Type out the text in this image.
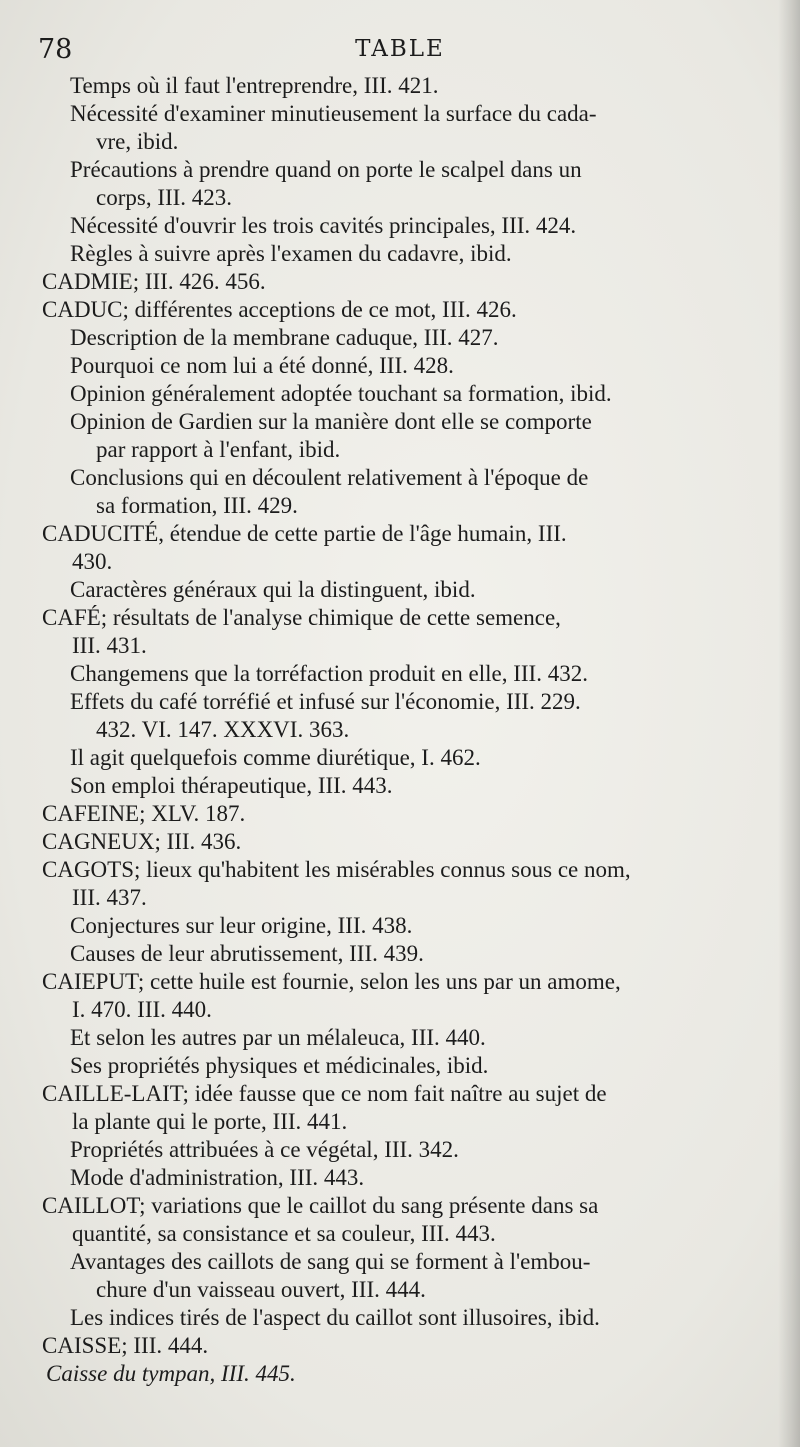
78	TABLE
Temps où il faut l'entreprendre, III. 421.
Nécessité d'examiner minutieusement la surface du cada-
vre, ibid.
Précautions à prendre quand on porte le scalpel dans un
corps, III. 423.
Nécessité d'ouvrir les trois cavités principales, III. 424.
Règles à suivre après l'examen du cadavre, ibid.
CADMIE; III. 426. 456.
CADUC; différentes acceptions de ce mot, III. 426.
Description de la membrane caduque, III. 427.
Pourquoi ce nom lui a été donné, III. 428.
Opinion généralement adoptée touchant sa formation, ibid.
Opinion de Gardien sur la manière dont elle se comporte
par rapport à l'enfant, ibid.
Conclusions qui en découlent relativement à l'époque de
sa formation, III. 429.
CADUCITÉ, étendue de cette partie de l'âge humain, III.
430.
Caractères généraux qui la distinguent, ibid.
CAFÉ; résultats de l'analyse chimique de cette semence,
III. 431.
Changemens que la torréfaction produit en elle, III. 432.
Effets du café torréfié et infusé sur l'économie, III. 229.
432. VI. 147. XXXVI. 363.
Il agit quelquefois comme diurétique, I. 462.
Son emploi thérapeutique, III. 443.
CAFEINE; XLV. 187.
CAGNEUX; III. 436.
CAGOTS; lieux qu'habitent les misérables connus sous ce nom,
III. 437.
Conjectures sur leur origine, III. 438.
Causes de leur abrutissement, III. 439.
CAIEPUT; cette huile est fournie, selon les uns par un amome,
I. 470. III. 440.
Et selon les autres par un mélaleuca, III. 440.
Ses propriétés physiques et médicinales, ibid.
CAILLE-LAIT; idée fausse que ce nom fait naître au sujet de
la plante qui le porte, III. 441.
Propriétés attribuées à ce végétal, III. 342.
Mode d'administration, III. 443.
CAILLOT; variations que le caillot du sang présente dans sa
quantité, sa consistance et sa couleur, III. 443.
Avantages des caillots de sang qui se forment à l'embou-
chure d'un vaisseau ouvert, III. 444.
Les indices tirés de l'aspect du caillot sont illusoires, ibid.
CAISSE; III. 444.
Caisse du tympan, III. 445.
